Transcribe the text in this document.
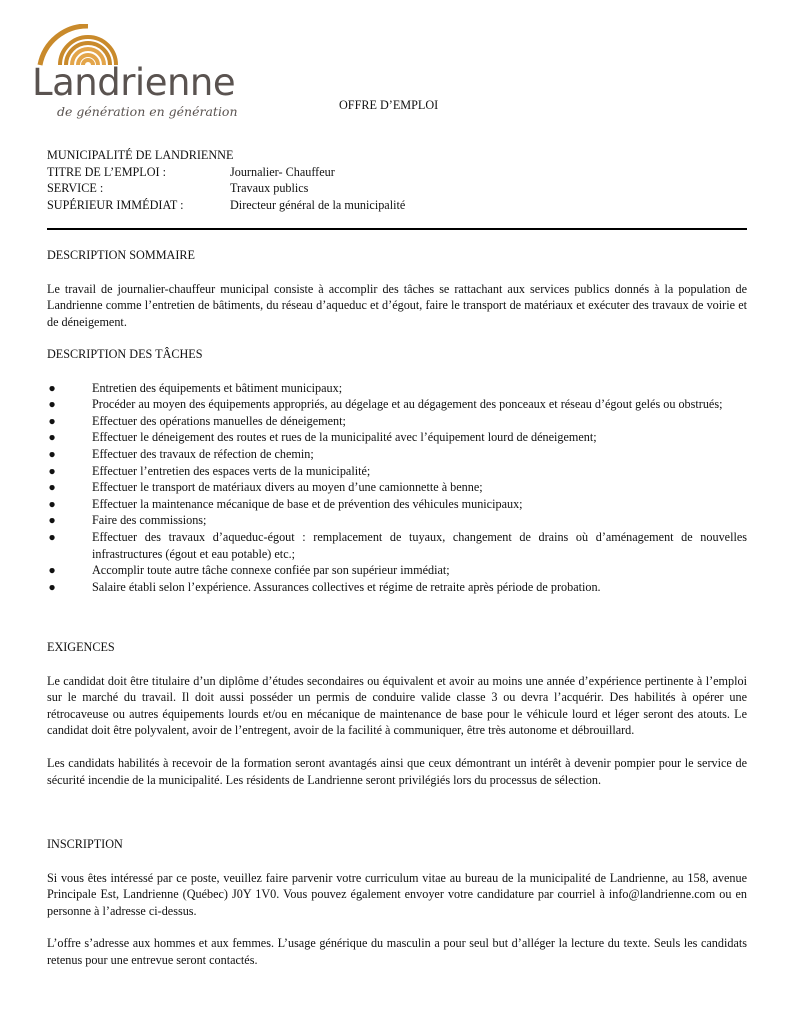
Landrienne
de génération en génération	OFFRE D’EMPLOI
MUNICIPALITÉ DE LANDRIENNE
TITRE DE L’EMPLOI :	Journalier- Chauffeur
SERVICE :	Travaux publics
SUPÉRIEUR IMMÉDIAT :	Directeur général de la municipalité
DESCRIPTION SOMMAIRE

Le travail de journalier-chauffeur municipal consiste à accomplir des tâches se rattachant aux services publics donnés à la population de Landrienne comme l’entretien de bâtiments, du réseau d’aqueduc et d’égout, faire le transport de matériaux et exécuter des travaux de voirie et de déneigement.

DESCRIPTION DES TÂCHES
●	Entretien des équipements et bâtiment municipaux;
●	Procéder au moyen des équipements appropriés, au dégelage et au dégagement des ponceaux et réseau d’égout gelés ou obstrués;
●	Effectuer des opérations manuelles de déneigement;
●	Effectuer le déneigement des routes et rues de la municipalité avec l’équipement lourd de déneigement;
●	Effectuer des travaux de réfection de chemin;
●	Effectuer l’entretien des espaces verts de la municipalité;
●	Effectuer le transport de matériaux divers au moyen d’une camionnette à benne;
●	Effectuer la maintenance mécanique de base et de prévention des véhicules municipaux;
●	Faire des commissions;
●	Effectuer des travaux d’aqueduc-égout : remplacement de tuyaux, changement de drains où d’aménagement de nouvelles infrastructures (égout et eau potable) etc.;
●	Accomplir toute autre tâche connexe confiée par son supérieur immédiat;
●	Salaire établi selon l’expérience. Assurances collectives et régime de retraite après période de probation.
EXIGENCES

Le candidat doit être titulaire d’un diplôme d’études secondaires ou équivalent et avoir au moins une année d’expérience pertinente à l’emploi sur le marché du travail. Il doit aussi posséder un permis de conduire valide classe 3 ou devra l’acquérir. Des habilités à opérer une rétrocaveuse ou autres équipements lourds et/ou en mécanique de maintenance de base pour le véhicule lourd et léger seront des atouts. Le candidat doit être polyvalent, avoir de l’entregent, avoir de la facilité à communiquer, être très autonome et débrouillard.

Les candidats habilités à recevoir de la formation seront avantagés ainsi que ceux démontrant un intérêt à devenir pompier pour le service de sécurité incendie de la municipalité. Les résidents de Landrienne seront privilégiés lors du processus de sélection.

INSCRIPTION

Si vous êtes intéressé par ce poste, veuillez faire parvenir votre curriculum vitae au bureau de la municipalité de Landrienne, au 158, avenue Principale Est, Landrienne (Québec) J0Y 1V0. Vous pouvez également envoyer votre candidature par courriel à info@landrienne.com ou en personne à l’adresse ci-dessus.

L’offre s’adresse aux hommes et aux femmes. L’usage générique du masculin a pour seul but d’alléger la lecture du texte. Seuls les candidats retenus pour une entrevue seront contactés.
